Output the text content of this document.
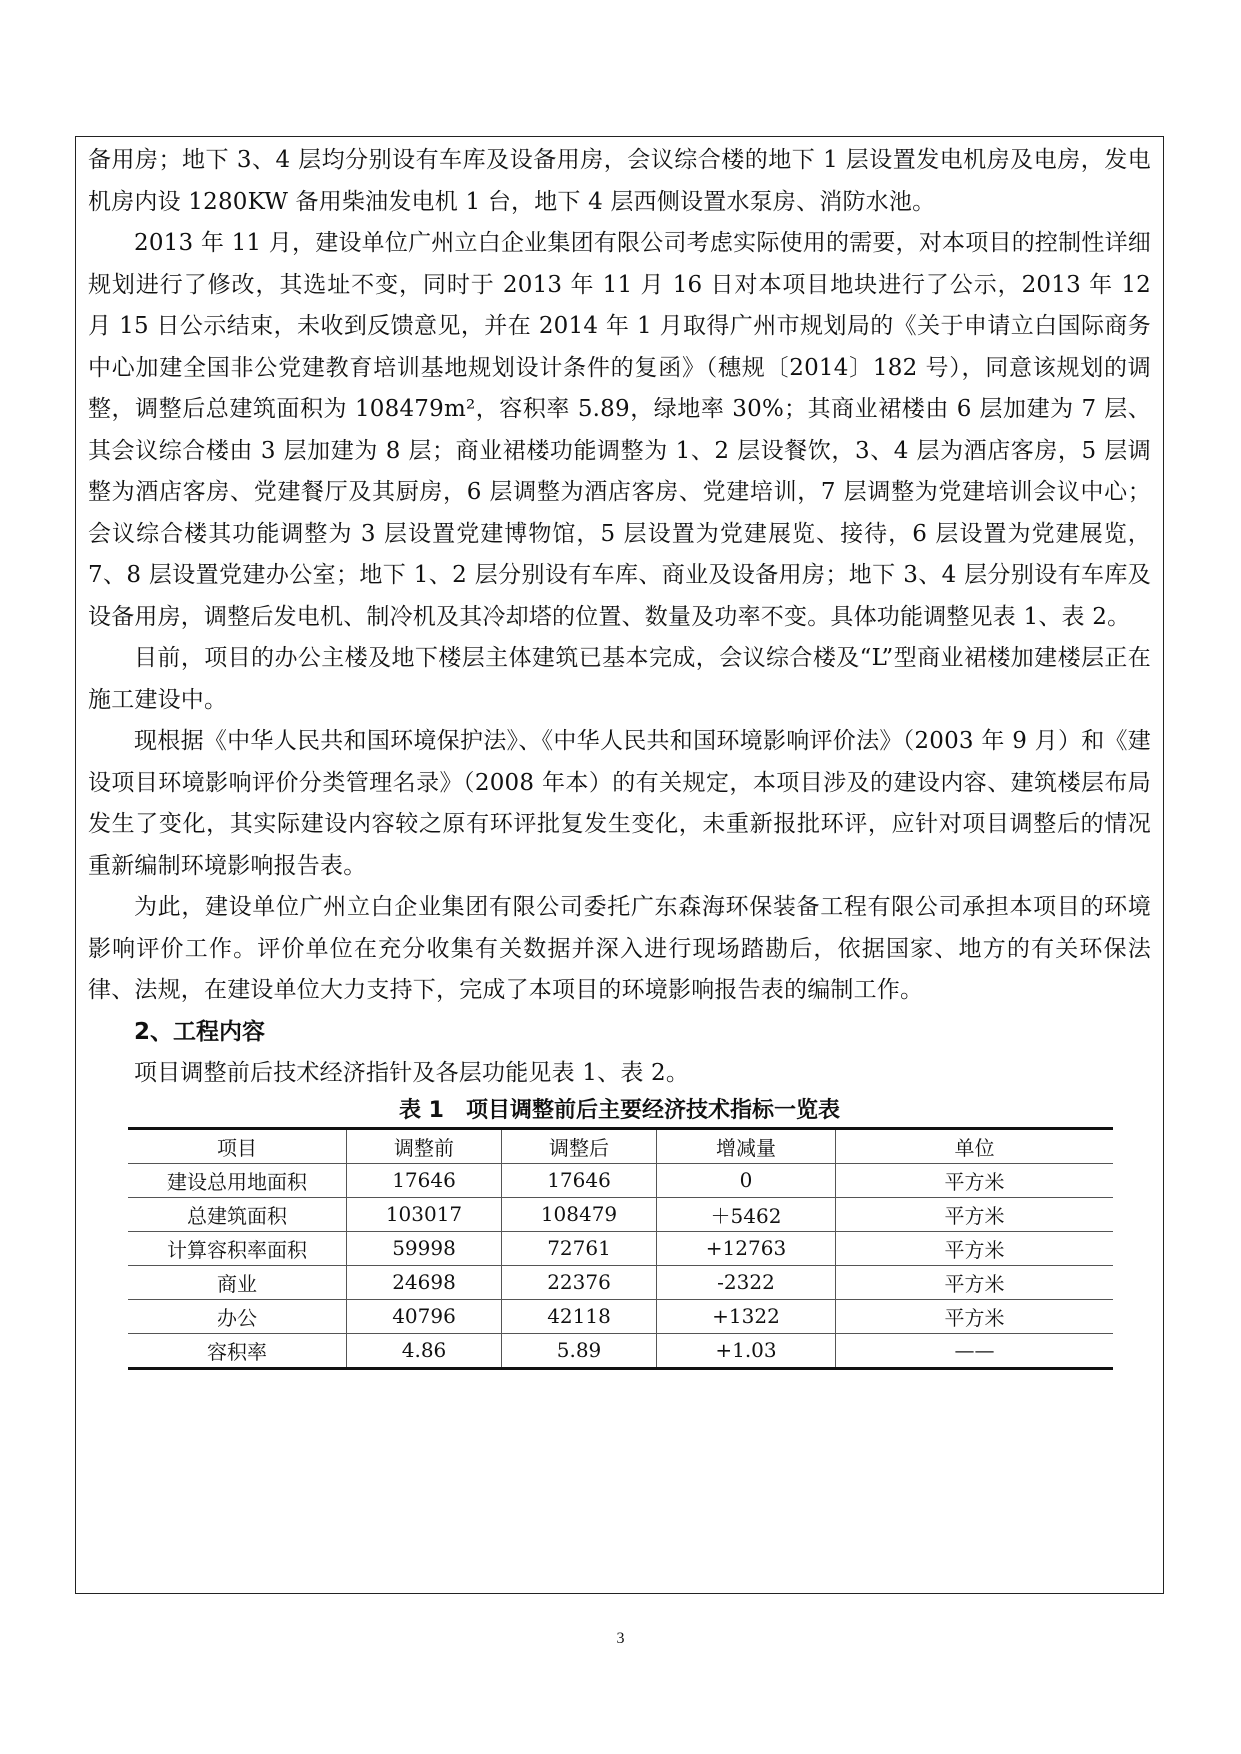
备用房；地下 3、4 层均分别设有车库及设备用房，会议综合楼的地下 1 层设置发电机房及电房，发电机房内设 1280KW 备用柴油发电机 1 台，地下 4 层西侧设置水泵房、消防水池。

2013 年 11 月，建设单位广州立白企业集团有限公司考虑实际使用的需要，对本项目的控制性详细规划进行了修改，其选址不变，同时于 2013 年 11 月 16 日对本项目地块进行了公示，2013 年 12 月 15 日公示结束，未收到反馈意见，并在 2014 年 1 月取得广州市规划局的《关于申请立白国际商务中心加建全国非公党建教育培训基地规划设计条件的复函》（穗规〔2014〕182 号），同意该规划的调整，调整后总建筑面积为 108479m²，容积率 5.89，绿地率 30%；其商业裙楼由 6 层加建为 7 层、其会议综合楼由 3 层加建为 8 层；商业裙楼功能调整为 1、2 层设餐饮，3、4 层为酒店客房，5 层调整为酒店客房、党建餐厅及其厨房，6 层调整为酒店客房、党建培训，7 层调整为党建培训会议中心；会议综合楼其功能调整为 3 层设置党建博物馆，5 层设置为党建展览、接待，6 层设置为党建展览，7、8 层设置党建办公室；地下 1、2 层分别设有车库、商业及设备用房；地下 3、4 层分别设有车库及设备用房，调整后发电机、制冷机及其冷却塔的位置、数量及功率不变。具体功能调整见表 1、表 2。

目前，项目的办公主楼及地下楼层主体建筑已基本完成，会议综合楼及“L”型商业裙楼加建楼层正在施工建设中。

现根据《中华人民共和国环境保护法》、《中华人民共和国环境影响评价法》（2003 年 9 月）和《建设项目环境影响评价分类管理名录》（2008 年本）的有关规定，本项目涉及的建设内容、建筑楼层布局发生了变化，其实际建设内容较之原有环评批复发生变化，未重新报批环评，应针对项目调整后的情况重新编制环境影响报告表。

为此，建设单位广州立白企业集团有限公司委托广东森海环保装备工程有限公司承担本项目的环境影响评价工作。评价单位在充分收集有关数据并深入进行现场踏勘后，依据国家、地方的有关环保法律、法规，在建设单位大力支持下，完成了本项目的环境影响报告表的编制工作。

2、工程内容

项目调整前后技术经济指针及各层功能见表 1、表 2。

表 1　项目调整前后主要经济技术指标一览表

项目	调整前	调整后	增减量	单位
建设总用地面积	17646	17646	0	平方米
总建筑面积	103017	108479	＋5462	平方米
计算容积率面积	59998	72761	+12763	平方米
商业	24698	22376	-2322	平方米
办公	40796	42118	+1322	平方米
容积率	4.86	5.89	+1.03	——
3
